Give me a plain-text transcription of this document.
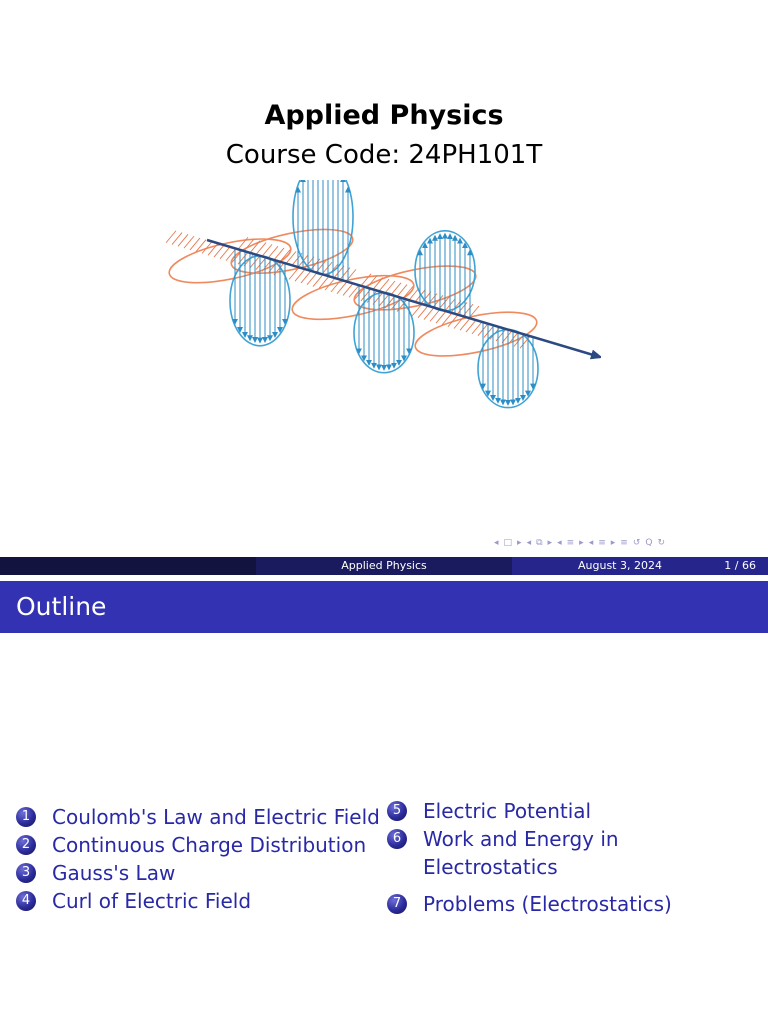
Applied Physics
Course Code: 24PH101T
◂ □ ▸ ◂ ⧉ ▸ ◂ ≡ ▸ ◂ ≡ ▸ ≡ ↺ Q ↻
Applied Physics	August 3, 2024	1 / 66
Outline
1 Coulomb's Law and Electric Field
2 Continuous Charge Distribution
3 Gauss's Law
4 Curl of Electric Field
5 Electric Potential
6 Work and Energy in Electrostatics
7 Problems (Electrostatics)
